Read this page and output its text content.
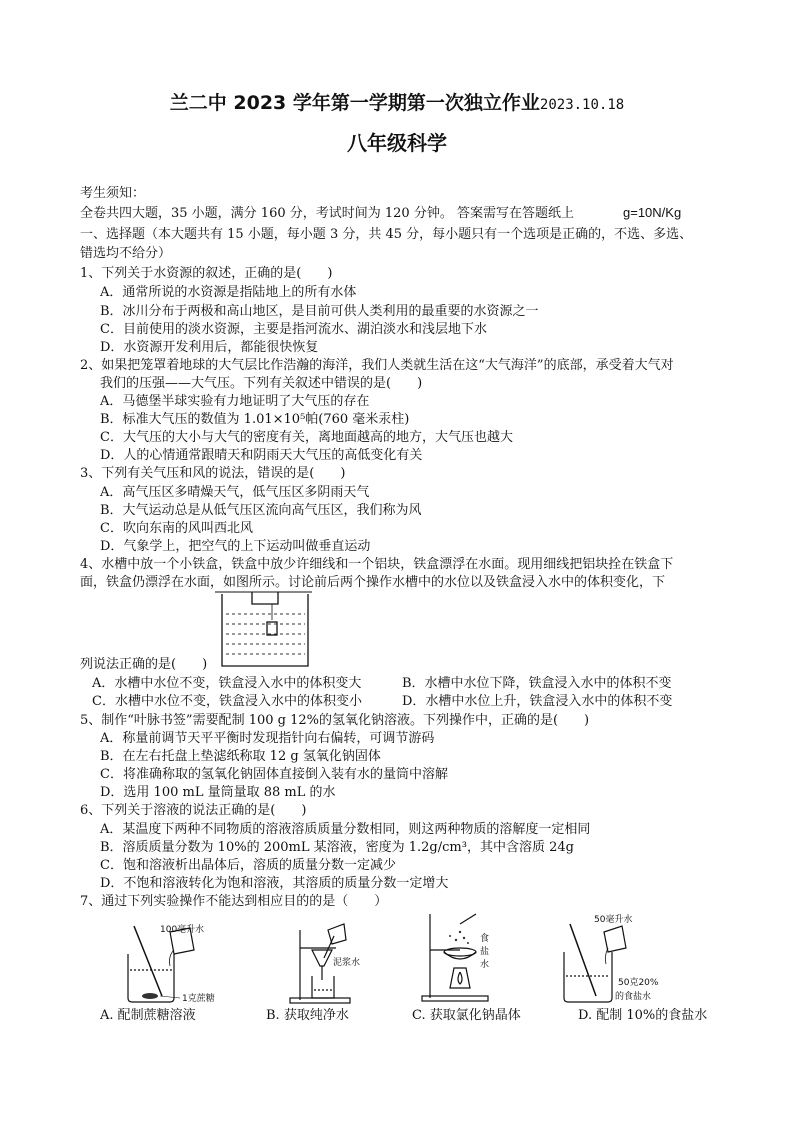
兰二中 2023 学年第一学期第一次独立作业2023.10.18
八年级科学
考生须知：
全卷共四大题，35 小题，满分 160 分，考试时间为 120 分钟。 答案需写在答题纸上	g=10N/Kg
一、选择题（本大题共有 15 小题，每小题 3 分，共 45 分，每小题只有一个选项是正确的，不选、多选、
错选均不给分）
1、下列关于水资源的叙述，正确的是(　　)
A．通常所说的水资源是指陆地上的所有水体
B．冰川分布于两极和高山地区，是目前可供人类利用的最重要的水资源之一
C．目前使用的淡水资源，主要是指河流水、湖泊淡水和浅层地下水
D．水资源开发利用后，都能很快恢复
2、如果把笼罩着地球的大气层比作浩瀚的海洋，我们人类就生活在这“大气海洋”的底部，承受着大气对
我们的压强——大气压。下列有关叙述中错误的是(　　)
A．马德堡半球实验有力地证明了大气压的存在
B．标准大气压的数值为 1.01×10⁵帕(760 毫米汞柱)
C．大气压的大小与大气的密度有关，离地面越高的地方，大气压也越大
D．人的心情通常跟晴天和阴雨天大气压的高低变化有关
3、下列有关气压和风的说法，错误的是(　　)
A．高气压区多晴燥天气，低气压区多阴雨天气
B．大气运动总是从低气压区流向高气压区，我们称为风
C．吹向东南的风叫西北风
D．气象学上，把空气的上下运动叫做垂直运动
4、水槽中放一个小铁盒，铁盒中放少许细线和一个铝块，铁盒漂浮在水面。现用细线把铝块拴在铁盒下
面，铁盒仍漂浮在水面，如图所示。讨论前后两个操作水槽中的水位以及铁盒浸入水中的体积变化，下
列说法正确的是(　　)
A．水槽中水位不变，铁盒浸入水中的体积变大	B．水槽中水位下降，铁盒浸入水中的体积不变
C．水槽中水位不变，铁盒浸入水中的体积变小	D．水槽中水位上升，铁盒浸入水中的体积不变
5、制作“叶脉书签”需要配制 100 g 12%的氢氧化钠溶液。下列操作中，正确的是(　　)
A．称量前调节天平平衡时发现指针向右偏转，可调节游码
B．在左右托盘上垫滤纸称取 12 g 氢氧化钠固体
C．将准确称取的氢氧化钠固体直接倒入装有水的量筒中溶解
D．选用 100 mL 量筒量取 88 mL 的水
6、下列关于溶液的说法正确的是(　　)
A．某温度下两种不同物质的溶液溶质质量分数相同，则这两种物质的溶解度一定相同
B．溶质质量分数为 10%的 200mL 某溶液，密度为 1.2g/cm³，其中含溶质 24g
C．饱和溶液析出晶体后，溶质的质量分数一定减少
D．不饱和溶液转化为饱和溶液，其溶质的质量分数一定增大
7、通过下列实验操作不能达到相应目的的是（　　）
100毫升水
1克蔗糖
泥浆水
食
盐
水
50毫升水
50克20%
的食盐水
A. 配制蔗糖溶液	B. 获取纯净水	C. 获取氯化钠晶体	D. 配制 10%的食盐水
